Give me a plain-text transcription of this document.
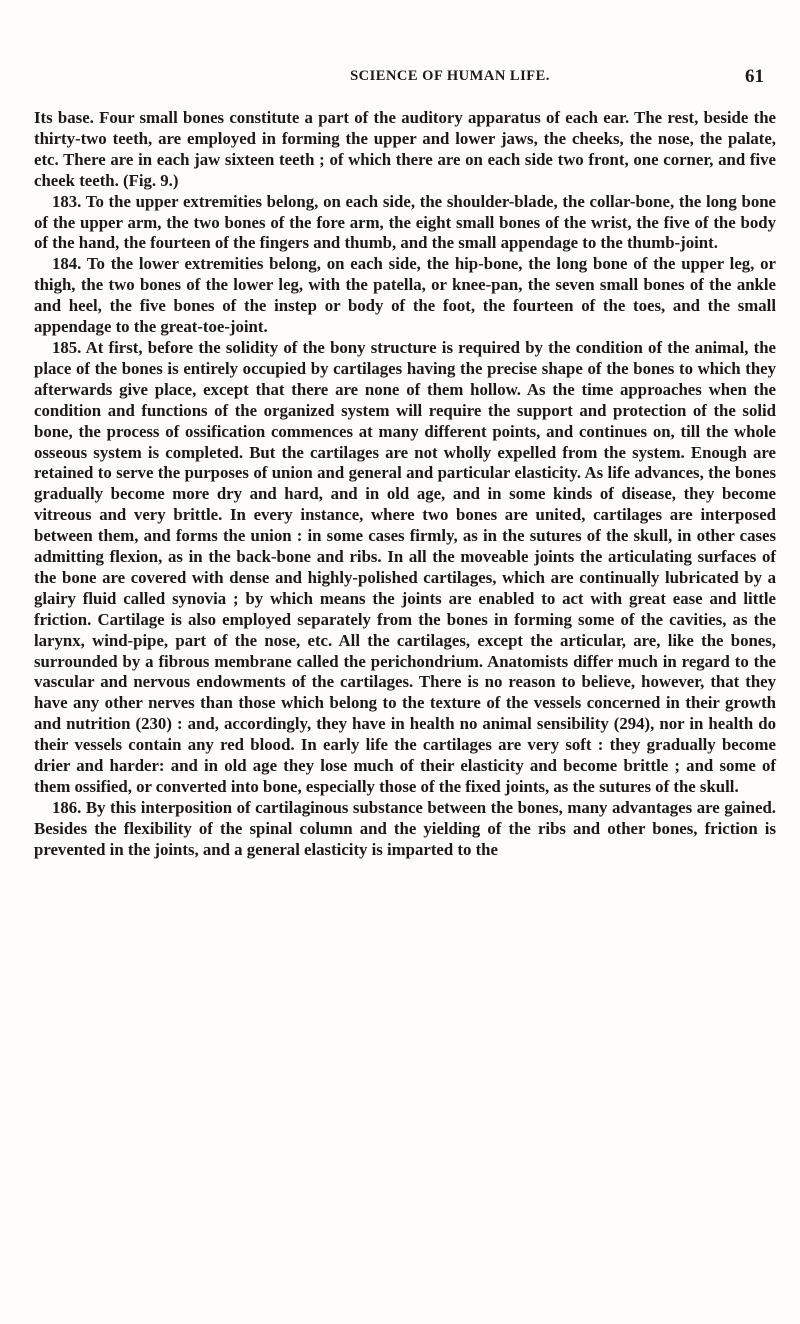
SCIENCE OF HUMAN LIFE.	61

Its base. Four small bones constitute a part of the auditory apparatus of each ear. The rest, beside the thirty-two teeth, are employed in forming the upper and lower jaws, the cheeks, the nose, the palate, etc. There are in each jaw sixteen teeth ; of which there are on each side two front, one corner, and five cheek teeth. (Fig. 9.)

183. To the upper extremities belong, on each side, the shoulder-blade, the collar-bone, the long bone of the upper arm, the two bones of the fore arm, the eight small bones of the wrist, the five of the body of the hand, the fourteen of the fingers and thumb, and the small appendage to the thumb-joint.

184. To the lower extremities belong, on each side, the hip-bone, the long bone of the upper leg, or thigh, the two bones of the lower leg, with the patella, or knee-pan, the seven small bones of the ankle and heel, the five bones of the instep or body of the foot, the fourteen of the toes, and the small appendage to the great-toe-joint.

185. At first, before the solidity of the bony structure is required by the condition of the animal, the place of the bones is entirely occupied by cartilages having the precise shape of the bones to which they afterwards give place, except that there are none of them hollow. As the time approaches when the condition and functions of the organized system will require the support and protection of the solid bone, the process of ossification commences at many different points, and continues on, till the whole osseous system is completed. But the cartilages are not wholly expelled from the system. Enough are retained to serve the purposes of union and general and particular elasticity. As life advances, the bones gradually become more dry and hard, and in old age, and in some kinds of disease, they become vitreous and very brittle. In every instance, where two bones are united, cartilages are interposed between them, and forms the union : in some cases firmly, as in the sutures of the skull, in other cases admitting flexion, as in the back-bone and ribs. In all the moveable joints the articulating surfaces of the bone are covered with dense and highly-polished cartilages, which are continually lubricated by a glairy fluid called synovia ; by which means the joints are enabled to act with great ease and little friction. Cartilage is also employed separately from the bones in forming some of the cavities, as the larynx, wind-pipe, part of the nose, etc. All the cartilages, except the articular, are, like the bones, surrounded by a fibrous membrane called the perichondrium. Anatomists differ much in regard to the vascular and nervous endowments of the cartilages. There is no reason to believe, however, that they have any other nerves than those which belong to the texture of the vessels concerned in their growth and nutrition (230) : and, accordingly, they have in health no animal sensibility (294), nor in health do their vessels contain any red blood. In early life the cartilages are very soft : they gradually become drier and harder: and in old age they lose much of their elasticity and become brittle ; and some of them ossified, or converted into bone, especially those of the fixed joints, as the sutures of the skull.

186. By this interposition of cartilaginous substance between the bones, many advantages are gained. Besides the flexibility of the spinal column and the yielding of the ribs and other bones, friction is prevented in the joints, and a general elasticity is imparted to the
